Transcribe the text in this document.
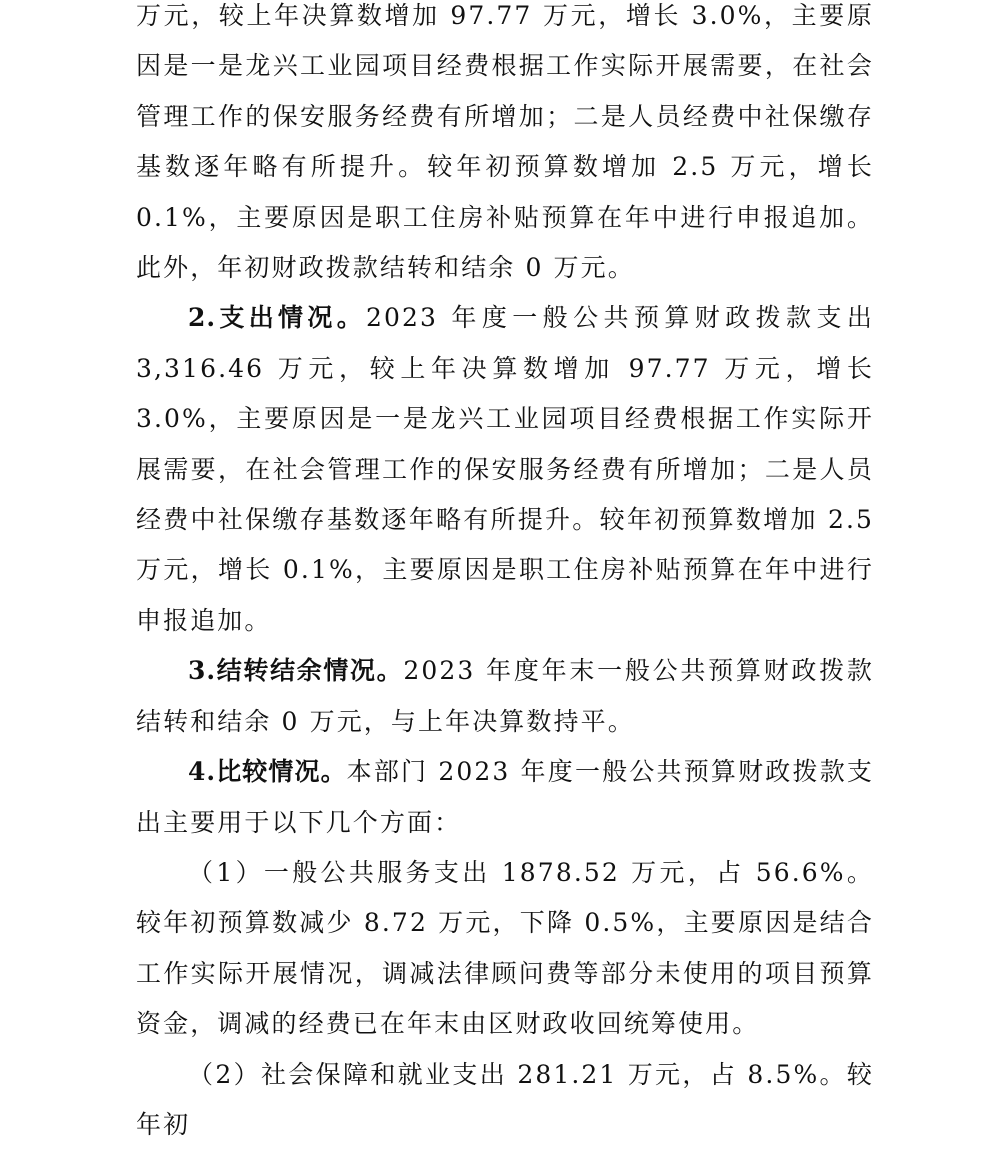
万元，较上年决算数增加 97.77 万元，增长 3.0%，主要原因是一是龙兴工业园项目经费根据工作实际开展需要，在社会管理工作的保安服务经费有所增加；二是人员经费中社保缴存基数逐年略有所提升。较年初预算数增加 2.5 万元，增长 0.1%，主要原因是职工住房补贴预算在年中进行申报追加。此外，年初财政拨款结转和结余 0 万元。

2.支出情况。2023 年度一般公共预算财政拨款支出 3,316.46 万元，较上年决算数增加 97.77 万元，增长 3.0%，主要原因是一是龙兴工业园项目经费根据工作实际开展需要，在社会管理工作的保安服务经费有所增加；二是人员经费中社保缴存基数逐年略有所提升。较年初预算数增加 2.5 万元，增长 0.1%，主要原因是职工住房补贴预算在年中进行申报追加。

3.结转结余情况。2023 年度年末一般公共预算财政拨款结转和结余 0 万元，与上年决算数持平。

4.比较情况。本部门 2023 年度一般公共预算财政拨款支出主要用于以下几个方面：

（1）一般公共服务支出 1878.52 万元，占 56.6%。较年初预算数减少 8.72 万元，下降 0.5%，主要原因是结合工作实际开展情况，调减法律顾问费等部分未使用的项目预算资金，调减的经费已在年末由区财政收回统筹使用。

（2）社会保障和就业支出 281.21 万元，占 8.5%。较年初
